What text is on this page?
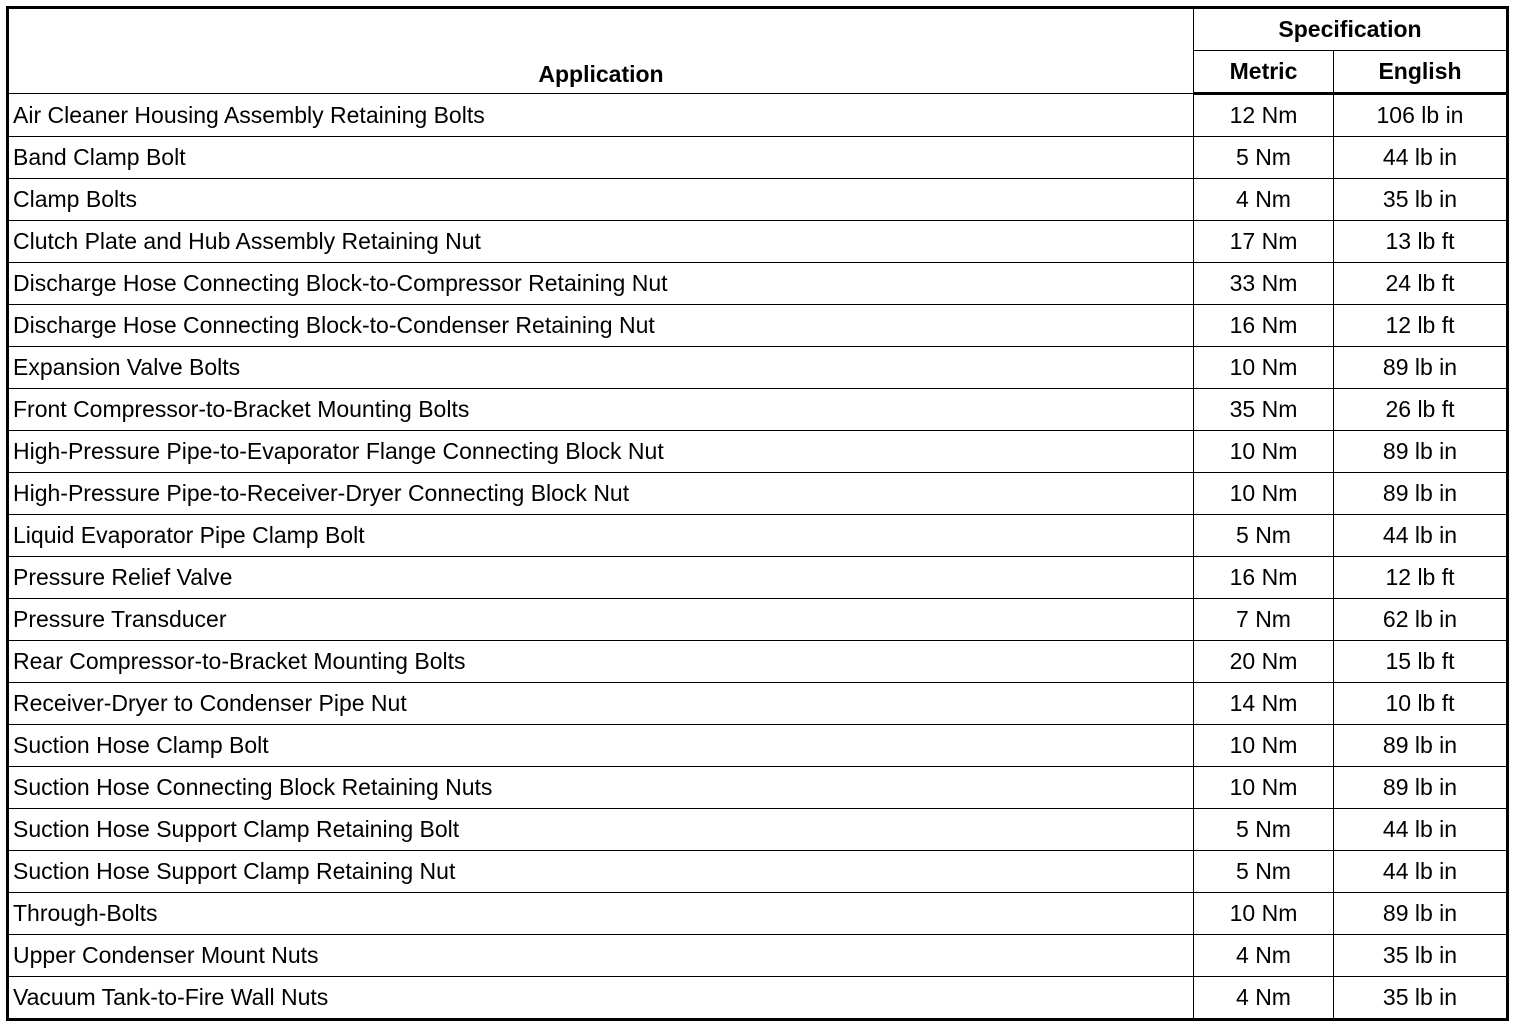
Application	Specification	
	Metric	English
Air Cleaner Housing Assembly Retaining Bolts	12 Nm	106 lb in
Band Clamp Bolt	5 Nm	44 lb in
Clamp Bolts	4 Nm	35 lb in
Clutch Plate and Hub Assembly Retaining Nut	17 Nm	13 lb ft
Discharge Hose Connecting Block-to-Compressor Retaining Nut	33 Nm	24 lb ft
Discharge Hose Connecting Block-to-Condenser Retaining Nut	16 Nm	12 lb ft
Expansion Valve Bolts	10 Nm	89 lb in
Front Compressor-to-Bracket Mounting Bolts	35 Nm	26 lb ft
High-Pressure Pipe-to-Evaporator Flange Connecting Block Nut	10 Nm	89 lb in
High-Pressure Pipe-to-Receiver-Dryer Connecting Block Nut	10 Nm	89 lb in
Liquid Evaporator Pipe Clamp Bolt	5 Nm	44 lb in
Pressure Relief Valve	16 Nm	12 lb ft
Pressure Transducer	7 Nm	62 lb in
Rear Compressor-to-Bracket Mounting Bolts	20 Nm	15 lb ft
Receiver-Dryer to Condenser Pipe Nut	14 Nm	10 lb ft
Suction Hose Clamp Bolt	10 Nm	89 lb in
Suction Hose Connecting Block Retaining Nuts	10 Nm	89 lb in
Suction Hose Support Clamp Retaining Bolt	5 Nm	44 lb in
Suction Hose Support Clamp Retaining Nut	5 Nm	44 lb in
Through-Bolts	10 Nm	89 lb in
Upper Condenser Mount Nuts	4 Nm	35 lb in
Vacuum Tank-to-Fire Wall Nuts	4 Nm	35 lb in
